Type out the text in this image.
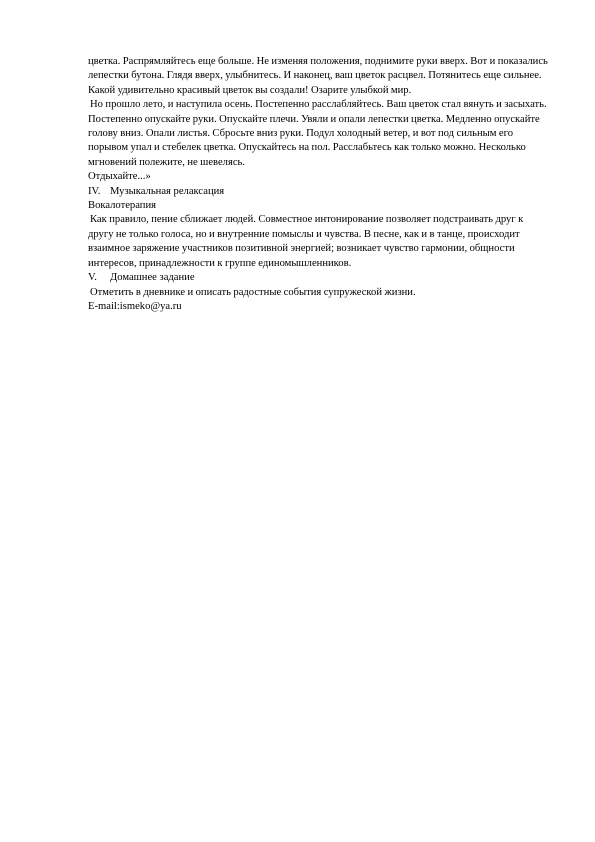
цветка. Распрямляйтесь еще больше. Не изменяя положения, поднимите руки вверх. Вот и показались лепестки бутона. Глядя вверх, улыбнитесь. И наконец, ваш цветок расцвел. Потянитесь еще сильнее. Какой удивительно красивый цветок вы создали! Озарите улыбкой мир.

Но прошло лето, и наступила осень. Постепенно расслабляйтесь. Ваш цветок стал вянуть и засыхать. Постепенно опускайте руки. Опускайте плечи. Увяли и опали лепестки цветка. Медленно опускайте голову вниз. Опали листья. Сбросьте вниз руки. Подул холодный ветер, и вот под сильным его порывом упал и стебелек цветка. Опускайтесь на пол. Расслабьтесь как только можно. Несколько мгновений полежите, не шевелясь.

Отдыхайте...»

IV. Музыкальная релаксация

Вокалотерапия

Как правило, пение сближает людей. Совместное интонирование позволяет подстраивать друг к другу не только голоса, но и внутренние помыслы и чувства. В песне, как и в танце, происходит взаимное заряжение участников позитивной энергией; возникает чувство гармонии, общности интересов, принадлежности к группе единомышленников.

V. Домашнее задание

Отметить в дневнике и описать радостные события супружеской жизни.

E-mail:ismeko@ya.ru
